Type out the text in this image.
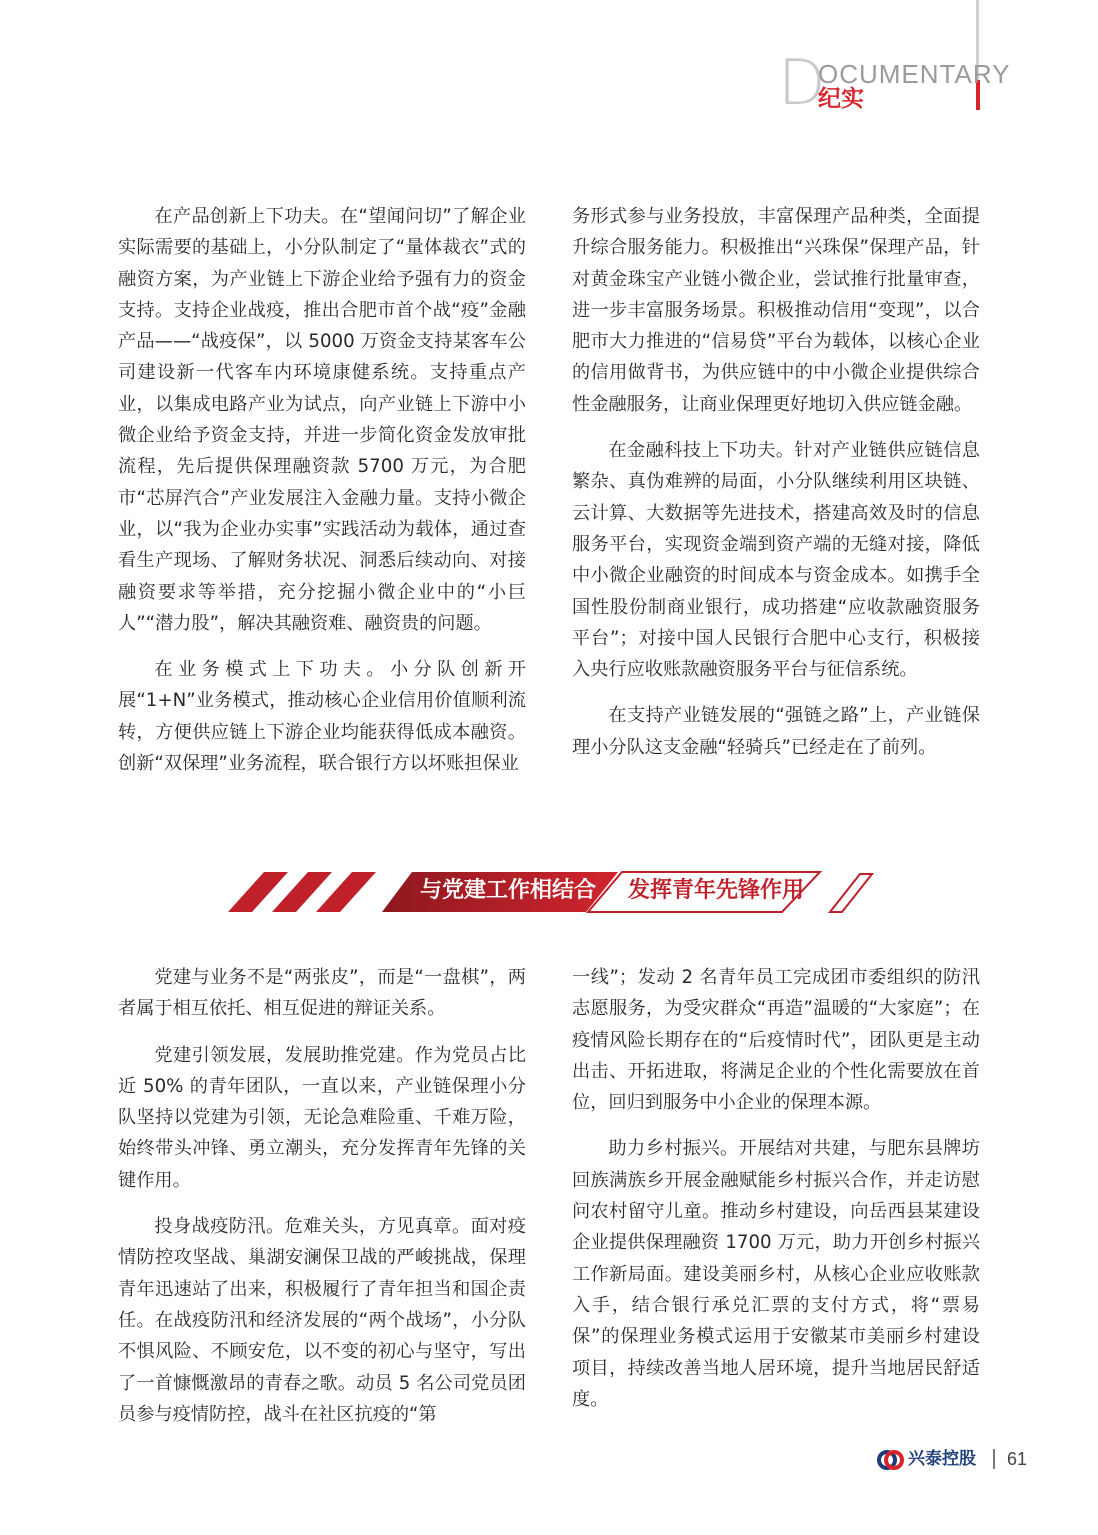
D
OCUMENTARY
纪实

在产品创新上下功夫。在“望闻问切”了解企业实际需要的基础上，小分队制定了“量体裁衣”式的融资方案，为产业链上下游企业给予强有力的资金支持。支持企业战疫，推出合肥市首个战“疫”金融产品——“战疫保”，以 5000 万资金支持某客车公司建设新一代客车内环境康健系统。支持重点产业，以集成电路产业为试点，向产业链上下游中小微企业给予资金支持，并进一步简化资金发放审批流程，先后提供保理融资款 5700 万元，为合肥市“芯屏汽合”产业发展注入金融力量。支持小微企业，以“我为企业办实事”实践活动为载体，通过查看生产现场、了解财务状况、洞悉后续动向、对接融资要求等举措，充分挖掘小微企业中的“小巨人”“潜力股”，解决其融资难、融资贵的问题。

在业务模式上下功夫。小分队创新开展“1+N”业务模式，推动核心企业信用价值顺利流转，方便供应链上下游企业均能获得低成本融资。创新“双保理”业务流程，联合银行方以坏账担保业

务形式参与业务投放，丰富保理产品种类，全面提升综合服务能力。积极推出“兴珠保”保理产品，针对黄金珠宝产业链小微企业，尝试推行批量审查，进一步丰富服务场景。积极推动信用“变现”，以合肥市大力推进的“信易贷”平台为载体，以核心企业的信用做背书，为供应链中的中小微企业提供综合性金融服务，让商业保理更好地切入供应链金融。

在金融科技上下功夫。针对产业链供应链信息繁杂、真伪难辨的局面，小分队继续利用区块链、云计算、大数据等先进技术，搭建高效及时的信息服务平台，实现资金端到资产端的无缝对接，降低中小微企业融资的时间成本与资金成本。如携手全国性股份制商业银行，成功搭建“应收款融资服务平台”；对接中国人民银行合肥中心支行，积极接入央行应收账款融资服务平台与征信系统。

在支持产业链发展的“强链之路”上，产业链保理小分队这支金融“轻骑兵”已经走在了前列。

与党建工作相结合 发挥青年先锋作用

党建与业务不是“两张皮”，而是“一盘棋”，两者属于相互依托、相互促进的辩证关系。

党建引领发展，发展助推党建。作为党员占比近 50% 的青年团队，一直以来，产业链保理小分队坚持以党建为引领，无论急难险重、千难万险，始终带头冲锋、勇立潮头，充分发挥青年先锋的关键作用。

投身战疫防汛。危难关头，方见真章。面对疫情防控攻坚战、巢湖安澜保卫战的严峻挑战，保理青年迅速站了出来，积极履行了青年担当和国企责任。在战疫防汛和经济发展的“两个战场”，小分队不惧风险、不顾安危，以不变的初心与坚守，写出了一首慷慨激昂的青春之歌。动员 5 名公司党员团员参与疫情防控，战斗在社区抗疫的“第

一线”；发动 2 名青年员工完成团市委组织的防汛志愿服务，为受灾群众“再造”温暖的“大家庭”；在疫情风险长期存在的“后疫情时代”，团队更是主动出击、开拓进取，将满足企业的个性化需要放在首位，回归到服务中小企业的保理本源。

助力乡村振兴。开展结对共建，与肥东县牌坊回族满族乡开展金融赋能乡村振兴合作，并走访慰问农村留守儿童。推动乡村建设，向岳西县某建设企业提供保理融资 1700 万元，助力开创乡村振兴工作新局面。建设美丽乡村，从核心企业应收账款入手，结合银行承兑汇票的支付方式，将“票易保”的保理业务模式运用于安徽某市美丽乡村建设项目，持续改善当地人居环境，提升当地居民舒适度。

兴泰控股 61
